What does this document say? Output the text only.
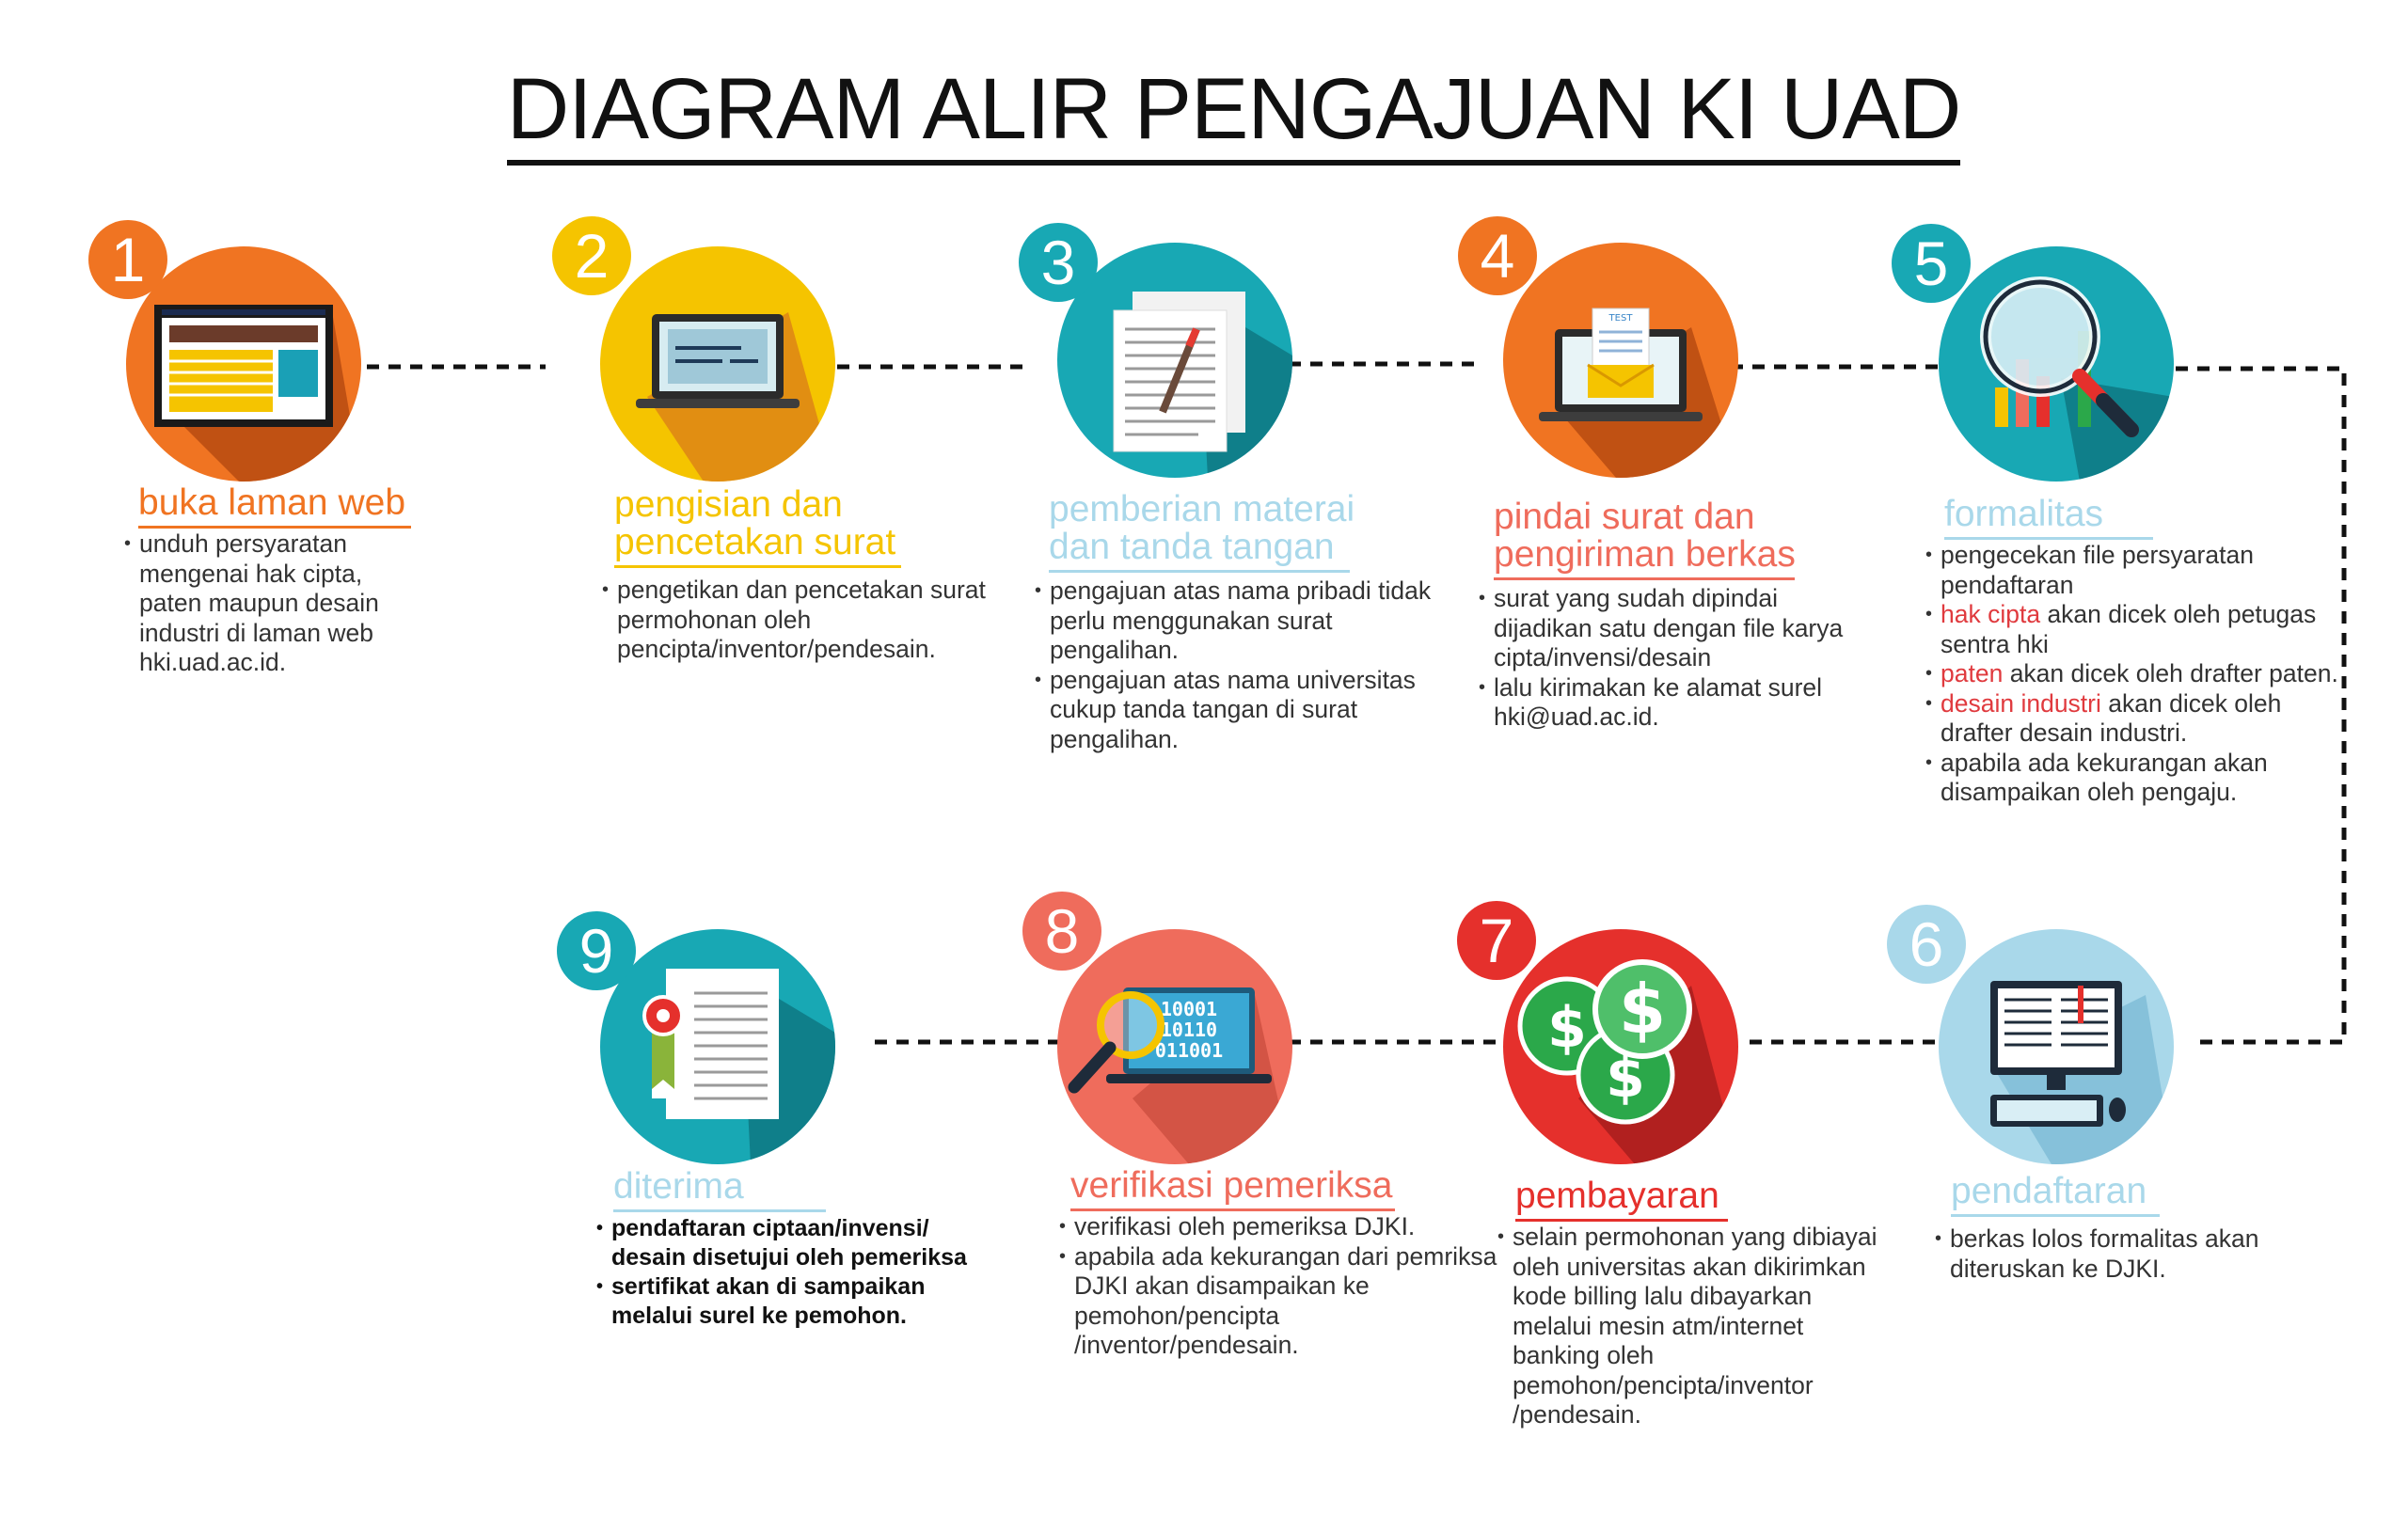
DIAGRAM ALIR PENGAJUAN KI UAD
1
buka laman web
• unduh persyaratan mengenai hak cipta, paten maupun desain industri di laman web hki.uad.ac.id.
2
pengisian dan
pencetakan surat
• pengetikan dan pencetakan surat permohonan oleh pencipta/inventor/pendesain.
3
pemberian materai
dan tanda tangan
• pengajuan atas nama pribadi tidak perlu menggunakan surat pengalihan.
• pengajuan atas nama universitas cukup tanda tangan di surat pengalihan.
4
TEST
pindai surat dan
pengiriman berkas
• surat yang sudah dipindai dijadikan satu dengan file karya cipta/invensi/desain
• lalu kirimakan ke alamat surel hki@uad.ac.id.
5
formalitas
• pengecekan file persyaratan pendaftaran
• hak cipta akan dicek oleh petugas sentra hki
• paten akan dicek oleh drafter paten.
• desain industri akan dicek oleh drafter desain industri.
• apabila ada kekurangan akan disampaikan oleh pengaju.
6
pendaftaran
• berkas lolos formalitas akan diteruskan ke DJKI.
7
$
$
$
pembayaran
• selain permohonan yang dibiayai oleh universitas akan dikirimkan kode billing lalu dibayarkan melalui mesin atm/internet banking oleh pemohon/pencipta/inventor /pendesain.
8
10001
10110
011001
verifikasi pemeriksa
• verifikasi oleh pemeriksa DJKI.
• apabila ada kekurangan dari pemriksa DJKI akan disampaikan ke pemohon/pencipta /inventor/pendesain.
9
diterima
• pendaftaran ciptaan/invensi/ desain disetujui oleh pemeriksa
• sertifikat akan di sampaikan melalui surel ke pemohon.
